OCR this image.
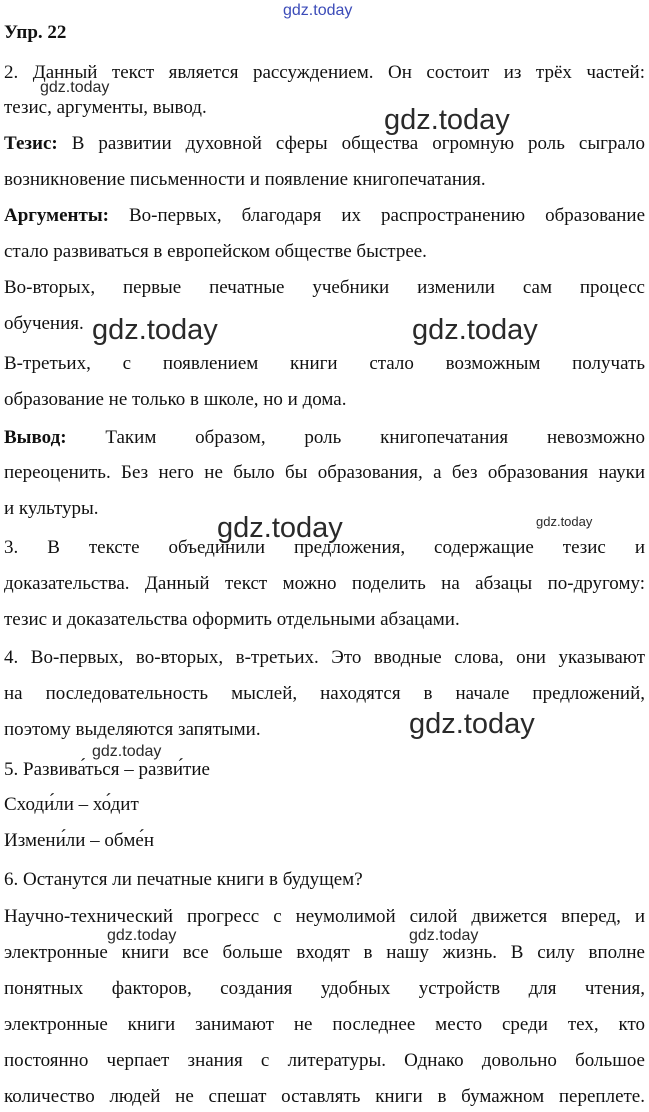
gdz.today
Упр. 22
2. Данный текст является рассуждением. Он состоит из трёх частей:
тезис, аргументы, вывод.
Тезис: В развитии духовной сферы общества огромную роль сыграло
возникновение письменности и появление книгопечатания.
Аргументы: Во-первых, благодаря их распространению образование
стало развиваться в европейском обществе быстрее.
Во-вторых, первые печатные учебники изменили сам процесс
обучения.
В-третьих, с появлением книги стало возможным получать
образование не только в школе, но и дома.
Вывод: Таким образом, роль книгопечатания невозможно
переоценить. Без него не было бы образования, а без образования науки
и культуры.
3. В тексте объединили предложения, содержащие тезис и
доказательства. Данный текст можно поделить на абзацы по-другому:
тезис и доказательства оформить отдельными абзацами.
4. Во-первых, во-вторых, в-третьих. Это вводные слова, они указывают
на последовательность мыслей, находятся в начале предложений,
поэтому выделяются запятыми.
5. Развива́ться – разви́тие
Сходи́ли – хо́дит
Измени́ли – обме́н
6. Останутся ли печатные книги в будущем?
Научно-технический прогресс с неумолимой силой движется вперед, и
электронные книги все больше входят в нашу жизнь. В силу вполне
понятных факторов, создания удобных устройств для чтения,
электронные книги занимают не последнее место среди тех, кто
постоянно черпает знания с литературы. Однако довольно большое
количество людей не спешат оставлять книги в бумажном переплете.
gdz.today
gdz.today
gdz.today	gdz.today
gdz.today	gdz.today
gdz.today
gdz.today
gdz.today	gdz.today
